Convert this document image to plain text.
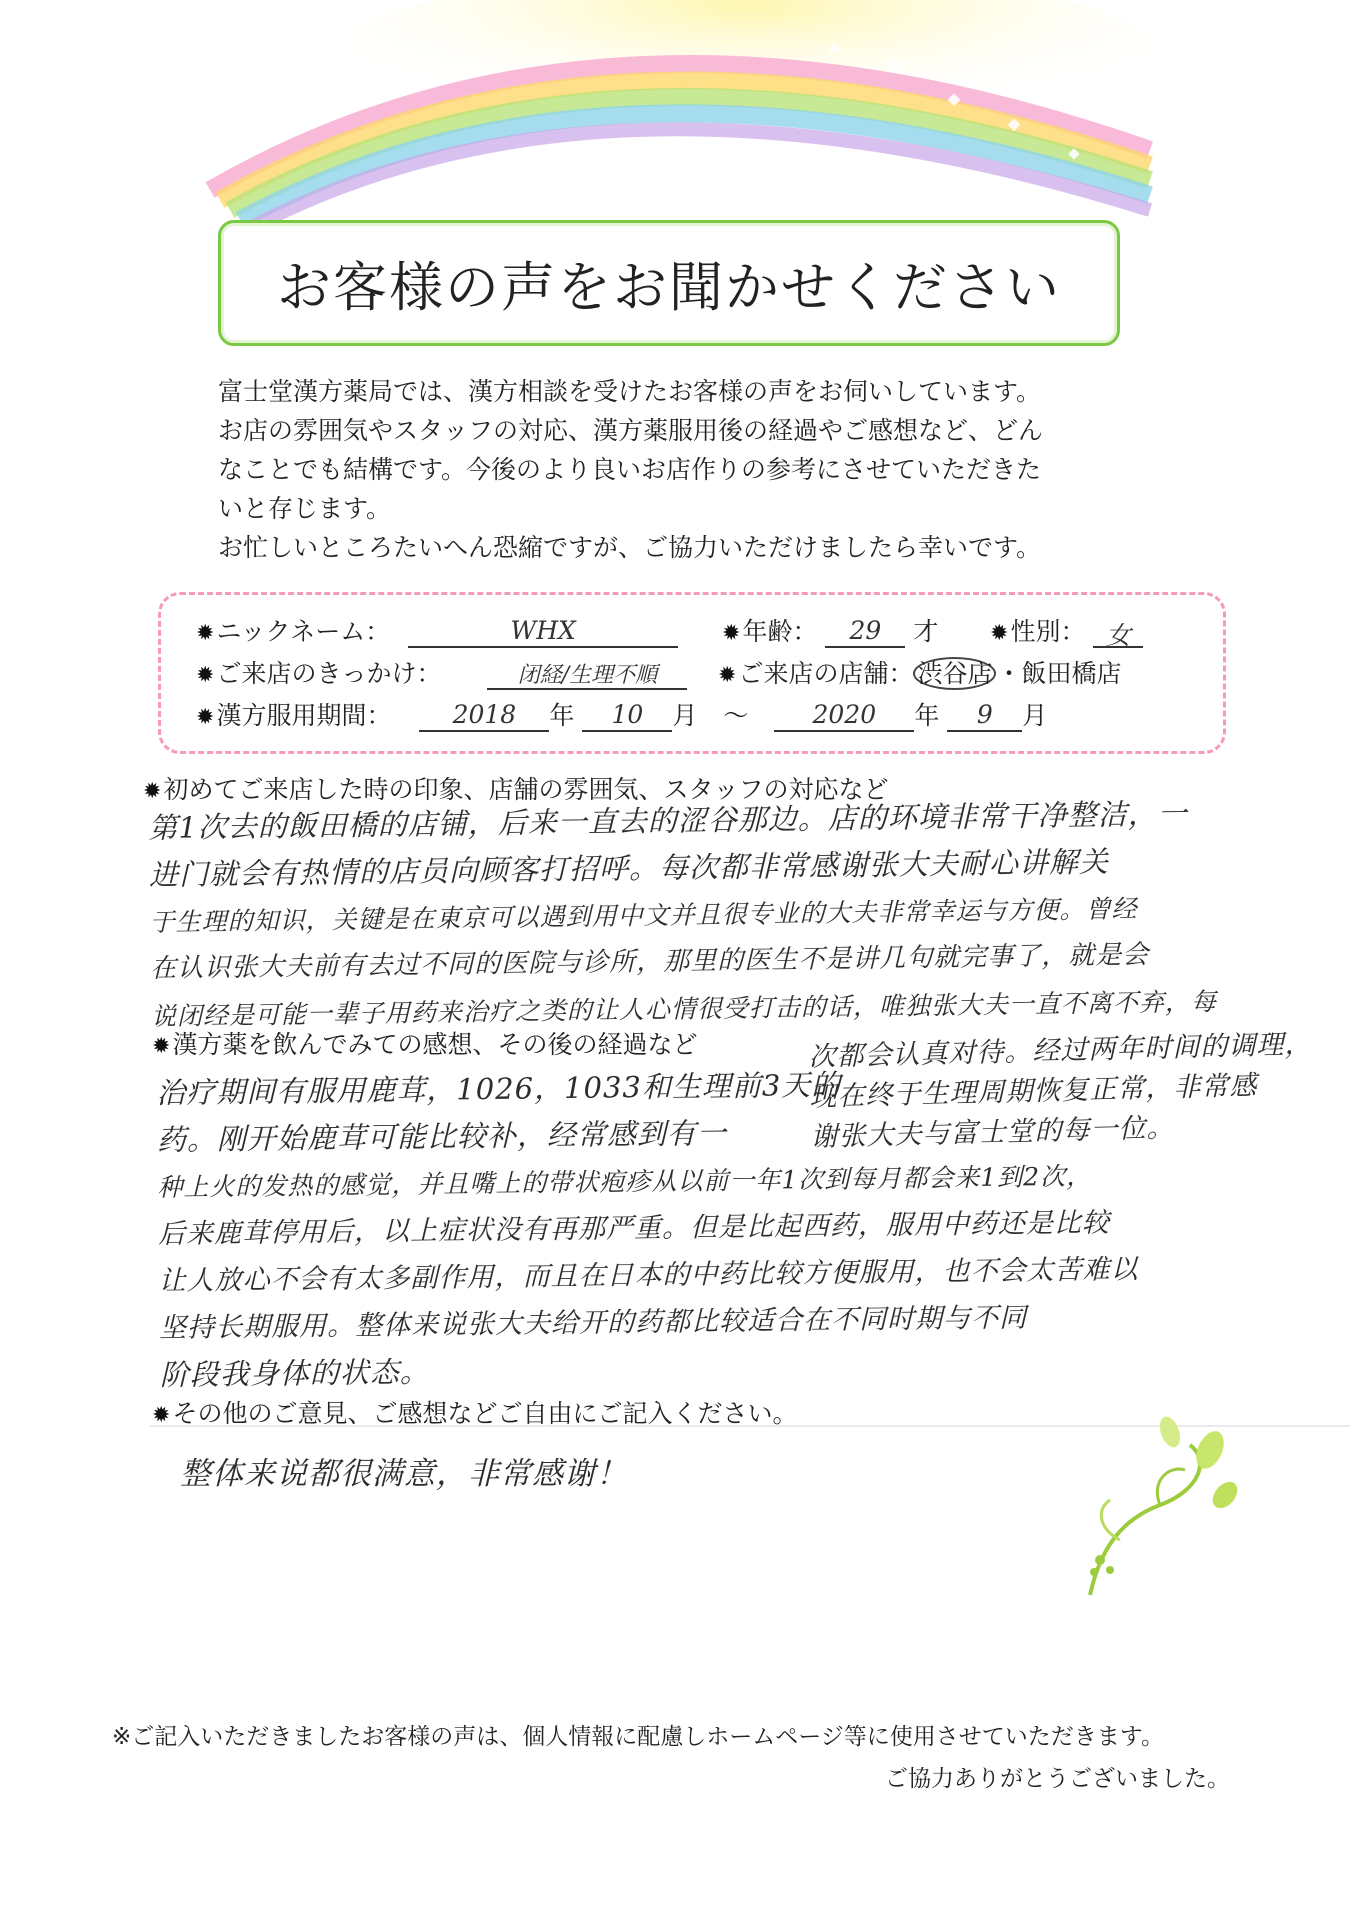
お客様の声をお聞かせください

富士堂漢方薬局では、漢方相談を受けたお客様の声をお伺いしています。

お店の雰囲気やスタッフの対応、漢方薬服用後の経過やご感想など、どん

なことでも結構です。今後のより良いお店作りの参考にさせていただきた

いと存じます。

お忙しいところたいへん恐縮ですが、ご協力いただけましたら幸いです。

✹ニックネーム：	WHX	✹年齢： 29 才 ✹性別： 女
✹ご来店のきっかけ：	闭経/生理不順	✹ご来店の店舗： 渋谷店 ・飯田橋店
✹漢方服用期間： 2018 年 10 月 ～	2020 年 9 月
✹初めてご来店した時の印象、店舗の雰囲気、スタッフの対応など

第1次去的飯田橋的店铺，后来一直去的涩谷那边。店的环境非常干净整洁，一

进门就会有热情的店员向顾客打招呼。每次都非常感谢张大夫耐心讲解关

于生理的知识，关键是在東京可以遇到用中文并且很专业的大夫非常幸运与方便。曾经

在认识张大夫前有去过不同的医院与诊所，那里的医生不是讲几句就完事了，就是会

说闭经是可能一辈子用药来治疗之类的让人心情很受打击的话，唯独张大夫一直不离不弃，每

次都会认真对待。经过两年时间的调理，

现在终于生理周期恢复正常，非常感

谢张大夫与富士堂的每一位。

✹漢方薬を飲んでみての感想、その後の経過など

治疗期间有服用鹿茸，1026，1033和生理前3天的

药。刚开始鹿茸可能比较补，经常感到有一

种上火的发热的感觉，并且嘴上的带状疱疹从以前一年1次到每月都会来1到2次，

后来鹿茸停用后，以上症状没有再那严重。但是比起西药，服用中药还是比较

让人放心不会有太多副作用，而且在日本的中药比较方便服用，也不会太苦难以

坚持长期服用。整体来说张大夫给开的药都比较适合在不同时期与不同

阶段我身体的状态。

✹その他のご意見、ご感想などご自由にご記入ください。
整体来说都很满意，非常感谢！
※ご記入いただきましたお客様の声は、個人情報に配慮しホームページ等に使用させていただきます。
ご協力ありがとうございました。
